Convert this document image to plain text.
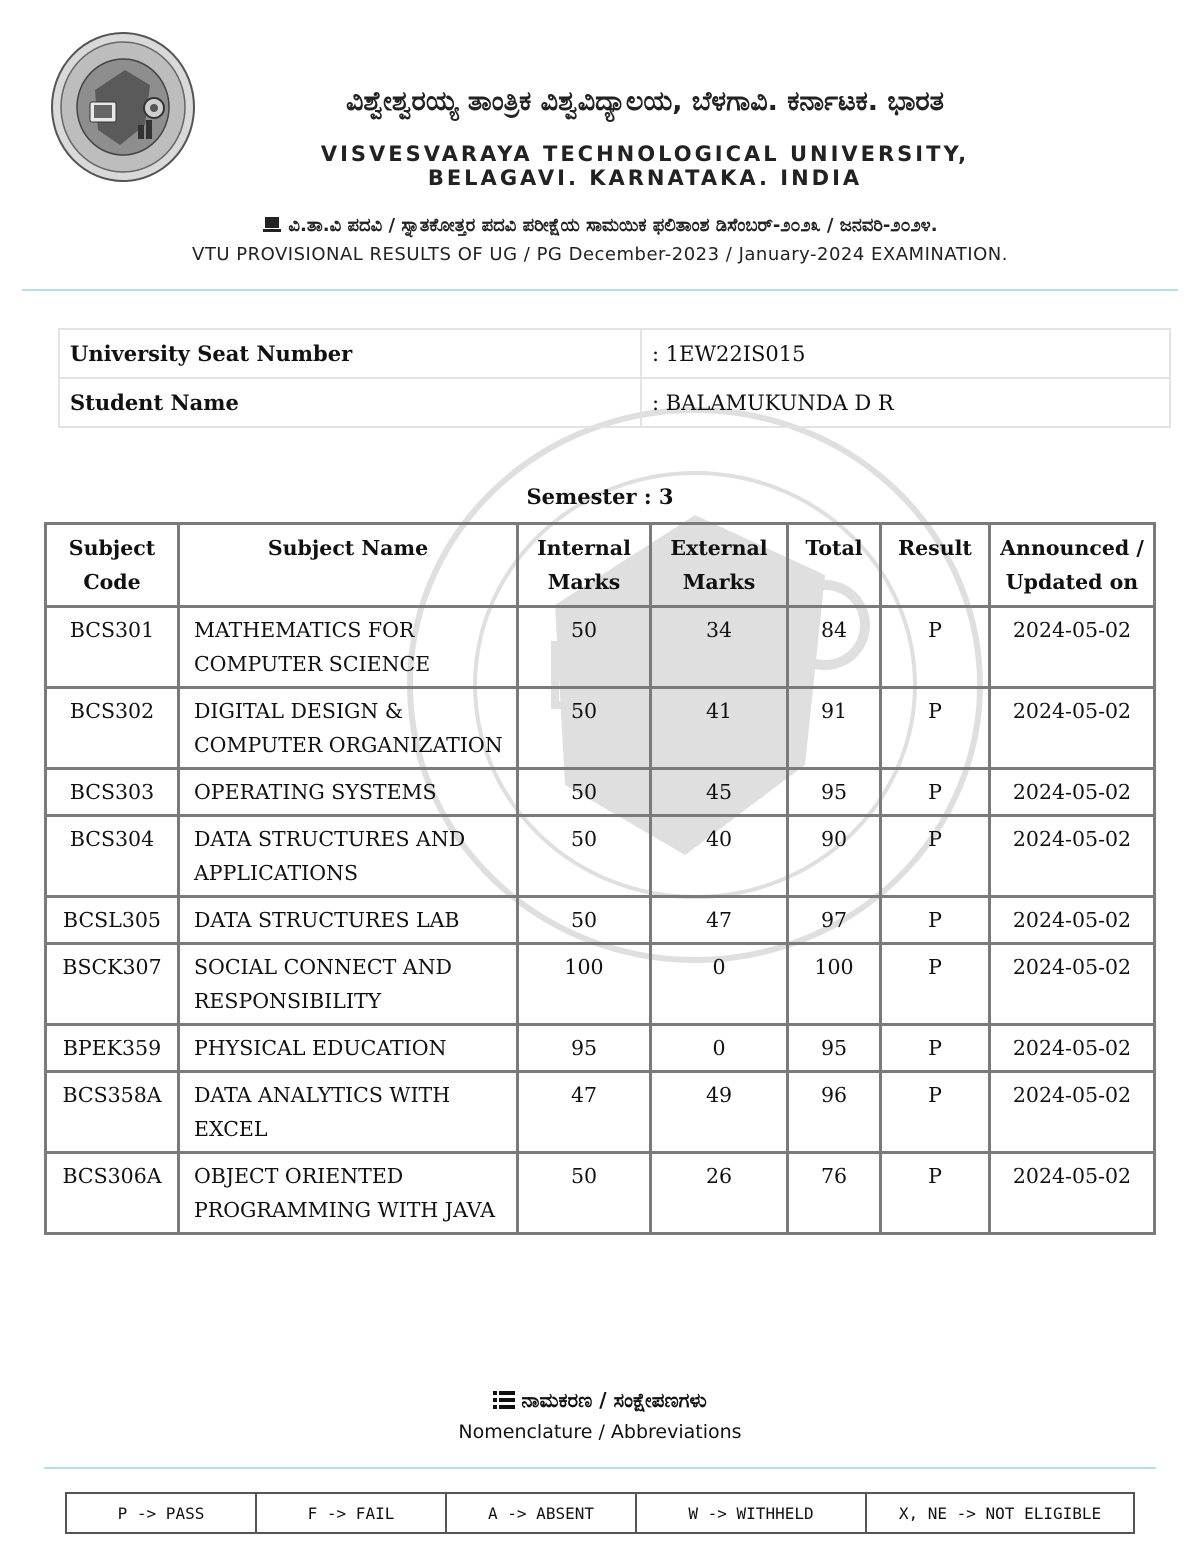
ವಿಶ್ವೇಶ್ವರಯ್ಯ ತಾಂತ್ರಿಕ ವಿಶ್ವವಿದ್ಯಾಲಯ, ಬೆಳಗಾವಿ. ಕರ್ನಾಟಕ. ಭಾರತ
VISVESVARAYA TECHNOLOGICAL UNIVERSITY,
BELAGAVI. KARNATAKA. INDIA
ವಿ.ತಾ.ವಿ ಪದವಿ / ಸ್ನಾತಕೋತ್ತರ ಪದವಿ ಪರೀಕ್ಷೆಯ ಸಾಮಯಿಕ ಫಲಿತಾಂಶ ಡಿಸೆಂಬರ್-೨೦೨೩ / ಜನವರಿ-೨೦೨೪.
VTU PROVISIONAL RESULTS OF UG / PG December-2023 / January-2024 EXAMINATION.
University Seat Number	: 1EW22IS015
Student Name	: BALAMUKUNDA D R
Semester : 3
Subject Code	Subject Name	Internal Marks	External Marks	Total	Result	Announced / Updated on
BCS301	MATHEMATICS FOR COMPUTER SCIENCE	50	34	84	P	2024-05-02
BCS302	DIGITAL DESIGN & COMPUTER ORGANIZATION	50	41	91	P	2024-05-02
BCS303	OPERATING SYSTEMS	50	45	95	P	2024-05-02
BCS304	DATA STRUCTURES AND APPLICATIONS	50	40	90	P	2024-05-02
BCSL305	DATA STRUCTURES LAB	50	47	97	P	2024-05-02
BSCK307	SOCIAL CONNECT AND RESPONSIBILITY	100	0	100	P	2024-05-02
BPEK359	PHYSICAL EDUCATION	95	0	95	P	2024-05-02
BCS358A	DATA ANALYTICS WITH EXCEL	47	49	96	P	2024-05-02
BCS306A	OBJECT ORIENTED PROGRAMMING WITH JAVA	50	26	76	P	2024-05-02
ನಾಮಕರಣ / ಸಂಕ್ಷೇಪಣಗಳು
Nomenclature / Abbreviations
P -> PASS	F -> FAIL	A -> ABSENT	W -> WITHHELD	X, NE -> NOT ELIGIBLE
